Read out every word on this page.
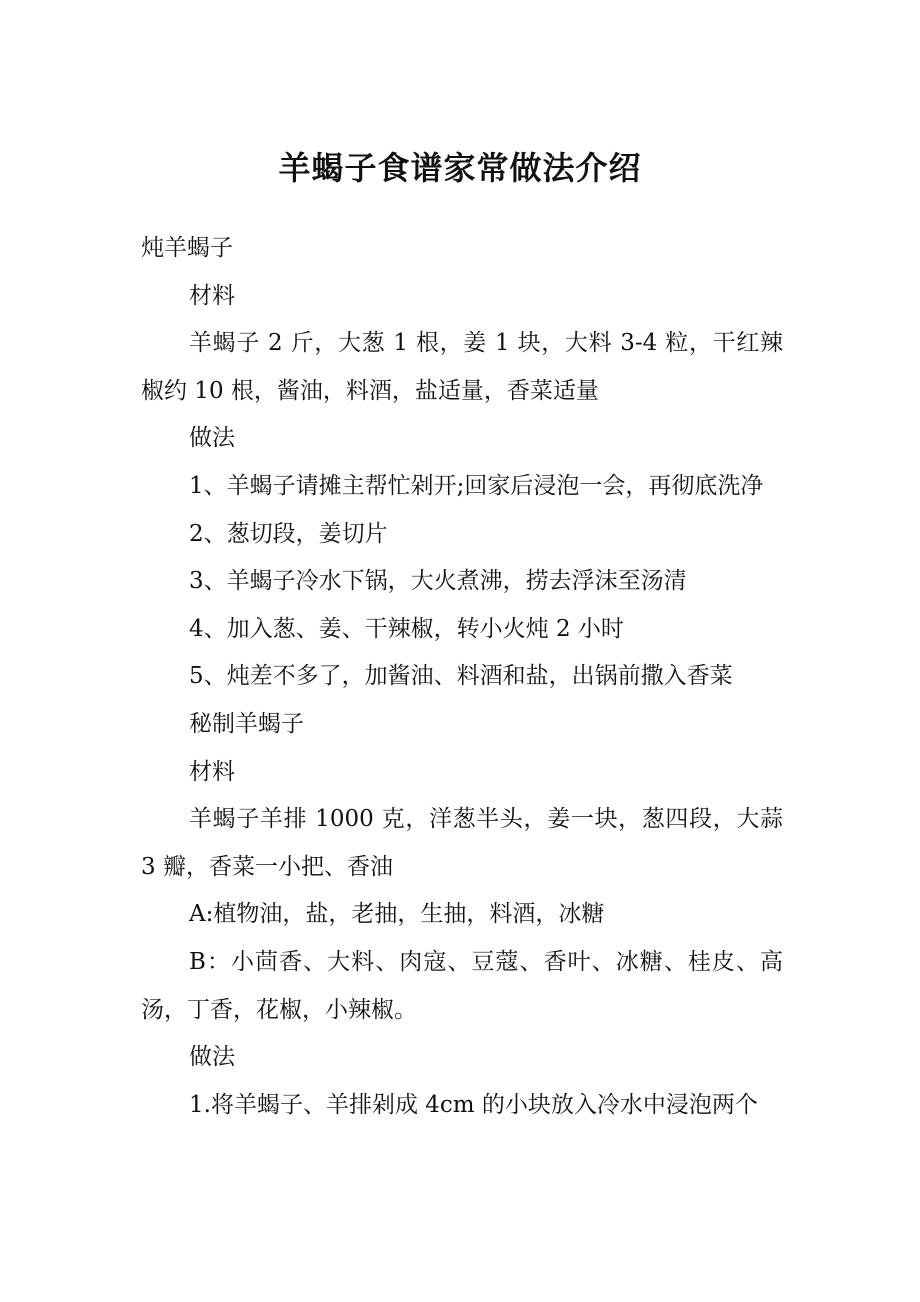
羊蝎子食谱家常做法介绍

炖羊蝎子

材料

羊蝎子 2 斤，大葱 1 根，姜 1 块，大料 3-4 粒，干红辣椒约 10 根，酱油，料酒，盐适量，香菜适量

做法

1、羊蝎子请摊主帮忙剁开;回家后浸泡一会，再彻底洗净

2、葱切段，姜切片

3、羊蝎子冷水下锅，大火煮沸，捞去浮沫至汤清

4、加入葱、姜、干辣椒，转小火炖 2 小时

5、炖差不多了，加酱油、料酒和盐，出锅前撒入香菜

秘制羊蝎子

材料

羊蝎子羊排 1000 克，洋葱半头，姜一块，葱四段，大蒜 3 瓣，香菜一小把、香油

A:植物油，盐，老抽，生抽，料酒，冰糖

B：小茴香、大料、肉寇、豆蔻、香叶、冰糖、桂皮、高汤，丁香，花椒，小辣椒。

做法

1.将羊蝎子、羊排剁成 4cm 的小块放入冷水中浸泡两个
